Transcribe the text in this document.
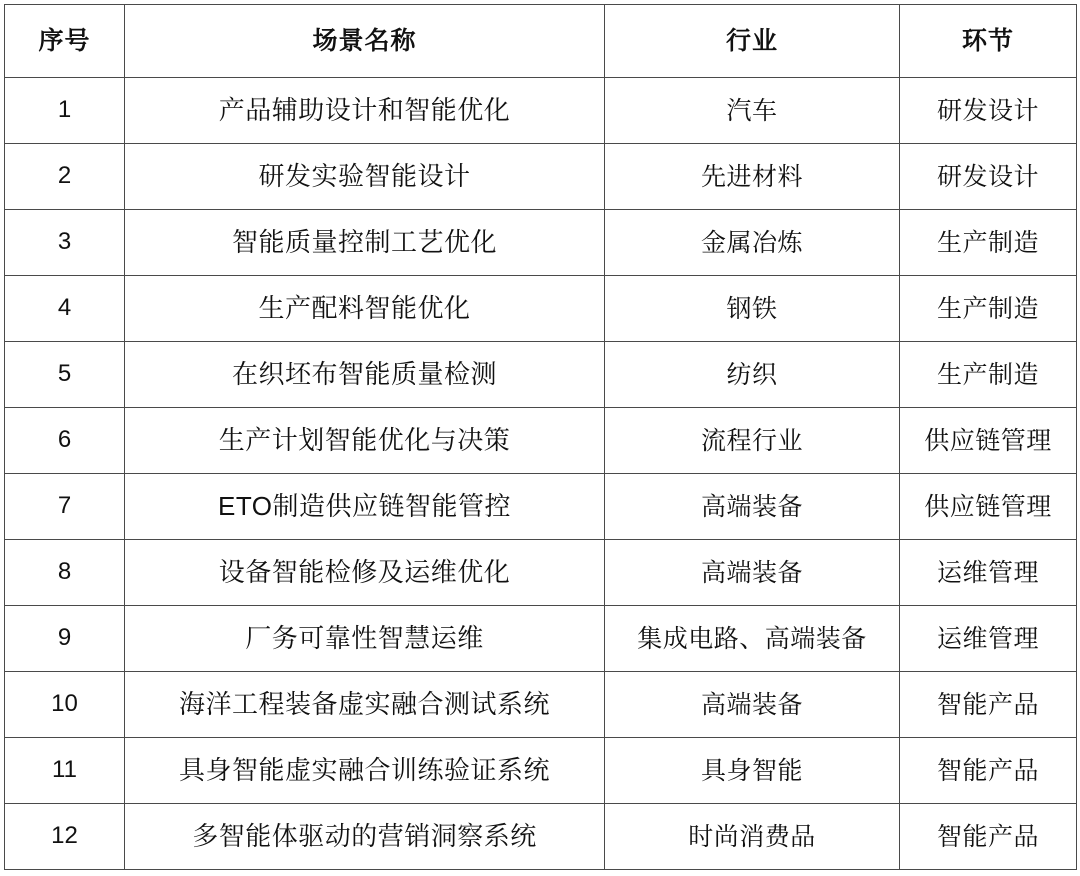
序号	场景名称	行业	环节
1	产品辅助设计和智能优化	汽车	研发设计
2	研发实验智能设计	先进材料	研发设计
3	智能质量控制工艺优化	金属冶炼	生产制造
4	生产配料智能优化	钢铁	生产制造
5	在织坯布智能质量检测	纺织	生产制造
6	生产计划智能优化与决策	流程行业	供应链管理
7	ETO制造供应链智能管控	高端装备	供应链管理
8	设备智能检修及运维优化	高端装备	运维管理
9	厂务可靠性智慧运维	集成电路、高端装备	运维管理
10	海洋工程装备虚实融合测试系统	高端装备	智能产品
11	具身智能虚实融合训练验证系统	具身智能	智能产品
12	多智能体驱动的营销洞察系统	时尚消费品	智能产品
